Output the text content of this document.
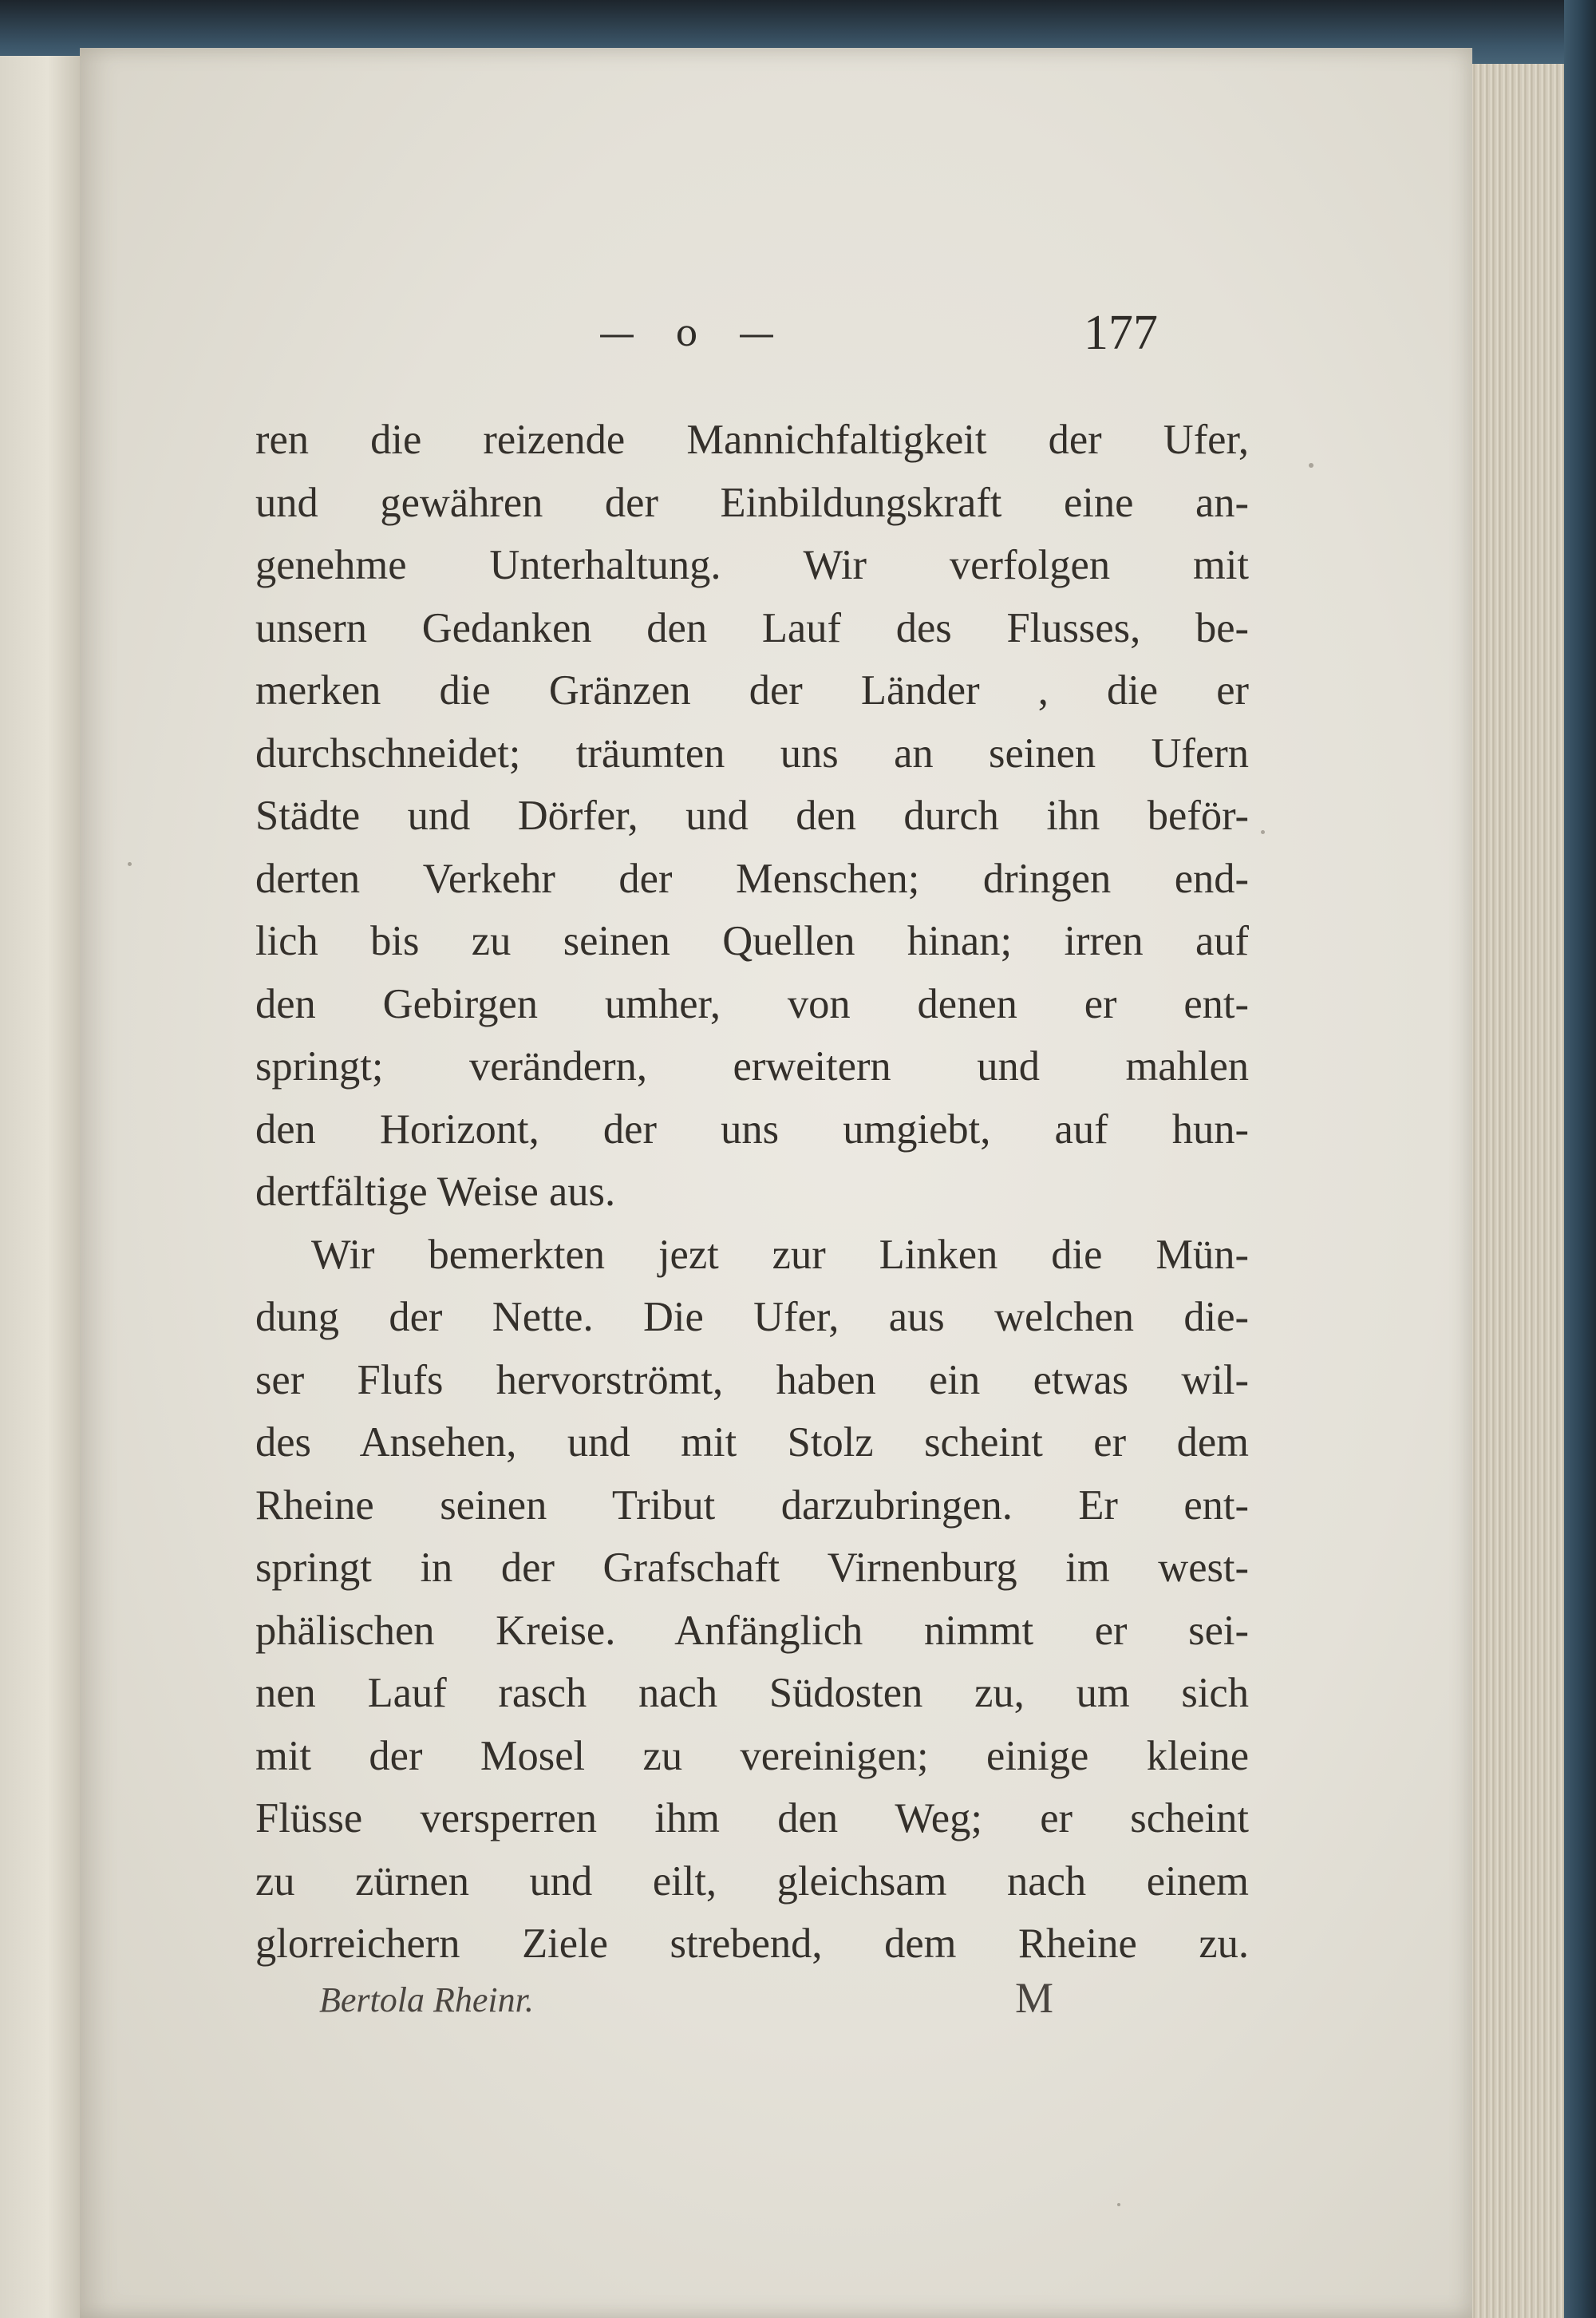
— o —	177
ren die reizende Mannichfaltigkeit der Ufer,
und gewähren der Einbildungskraft eine an-
genehme Unterhaltung. Wir verfolgen mit
unsern Gedanken den Lauf des Flusses, be-
merken die Gränzen der Länder , die er
durchschneidet; träumten uns an seinen Ufern
Städte und Dörfer, und den durch ihn beför-
derten Verkehr der Menschen; dringen end-
lich bis zu seinen Quellen hinan; irren auf
den Gebirgen umher, von denen er ent-
springt; verändern, erweitern und mahlen
den Horizont, der uns umgiebt, auf hun-
dertfältige Weise aus.
Wir bemerkten jezt zur Linken die Mün-
dung der Nette. Die Ufer, aus welchen die-
ser Flufs hervorströmt, haben ein etwas wil-
des Ansehen, und mit Stolz scheint er dem
Rheine seinen Tribut darzubringen. Er ent-
springt in der Grafschaft Virnenburg im west-
phälischen Kreise. Anfänglich nimmt er sei-
nen Lauf rasch nach Südosten zu, um sich
mit der Mosel zu vereinigen; einige kleine
Flüsse versperren ihm den Weg; er scheint
zu zürnen und eilt, gleichsam nach einem
glorreichern Ziele strebend, dem Rheine zu.
Bertola Rheinr.	M
